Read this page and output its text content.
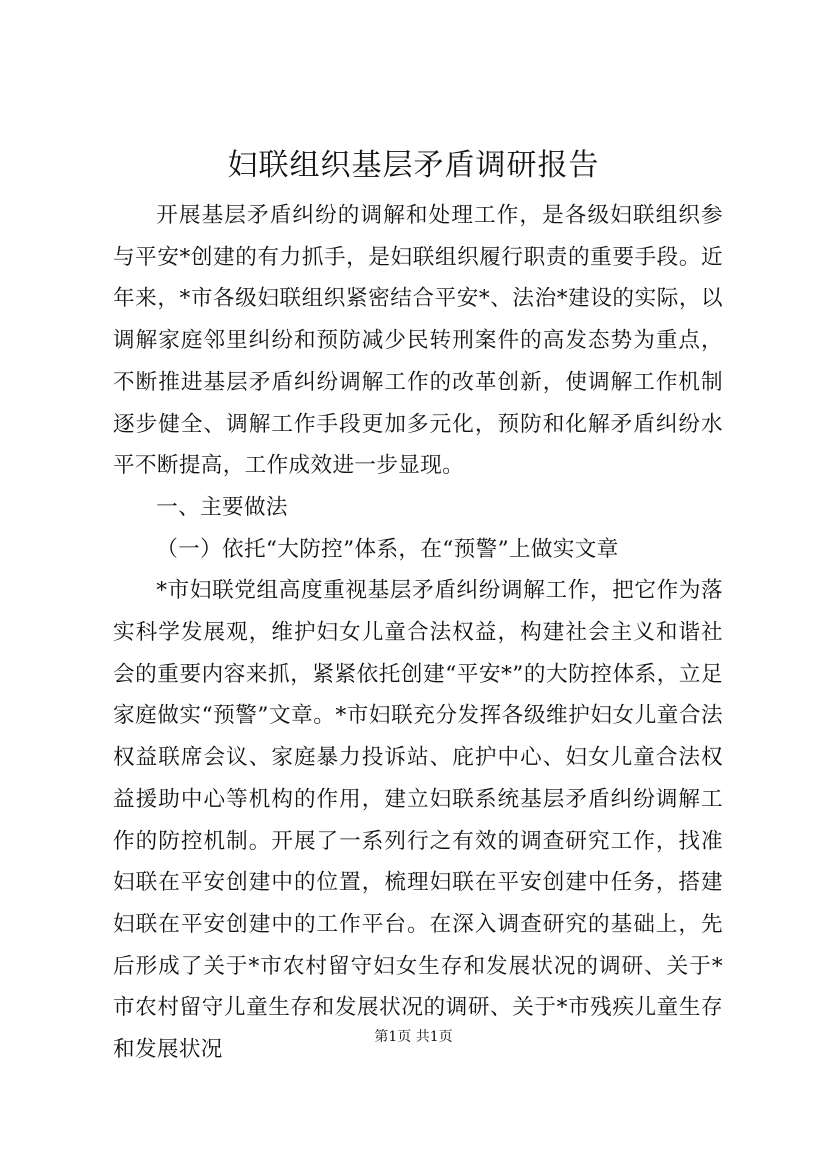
妇联组织基层矛盾调研报告

开展基层矛盾纠纷的调解和处理工作，是各级妇联组织参与平安*创建的有力抓手，是妇联组织履行职责的重要手段。近年来，*市各级妇联组织紧密结合平安*、法治*建设的实际，以调解家庭邻里纠纷和预防减少民转刑案件的高发态势为重点，不断推进基层矛盾纠纷调解工作的改革创新，使调解工作机制逐步健全、调解工作手段更加多元化，预防和化解矛盾纠纷水平不断提高，工作成效进一步显现。

一、主要做法

（一）依托“大防控”体系，在“预警”上做实文章

*市妇联党组高度重视基层矛盾纠纷调解工作，把它作为落实科学发展观，维护妇女儿童合法权益，构建社会主义和谐社会的重要内容来抓，紧紧依托创建“平安*”的大防控体系，立足家庭做实“预警”文章。*市妇联充分发挥各级维护妇女儿童合法权益联席会议、家庭暴力投诉站、庇护中心、妇女儿童合法权益援助中心等机构的作用，建立妇联系统基层矛盾纠纷调解工作的防控机制。开展了一系列行之有效的调查研究工作，找准妇联在平安创建中的位置，梳理妇联在平安创建中任务，搭建妇联在平安创建中的工作平台。在深入调查研究的基础上，先后形成了关于*市农村留守妇女生存和发展状况的调研、关于*市农村留守儿童生存和发展状况的调研、关于*市残疾儿童生存和发展状况

第1页 共1页
